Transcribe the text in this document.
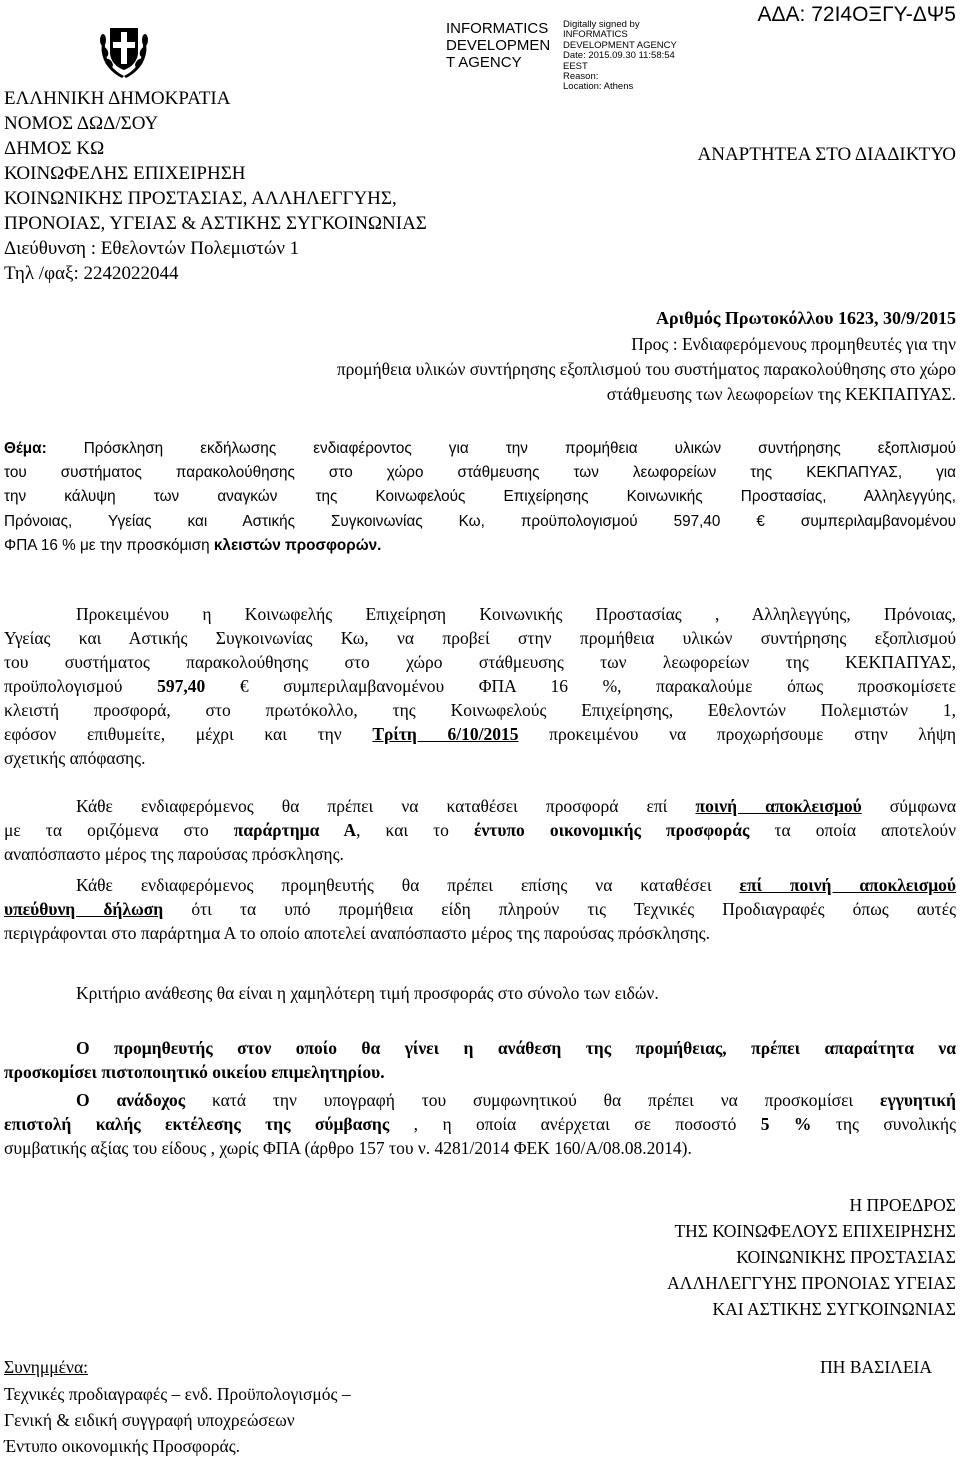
ΕΛΛΗΝΙΚΗ ΔΗΜΟΚΡΑΤΙΑ
ΝΟΜΟΣ ΔΩΔ/ΣΟΥ
ΔΗΜΟΣ ΚΩ
ΚΟΙΝΩΦΕΛΗΣ ΕΠΙΧΕΙΡΗΣΗ
ΚΟΙΝΩΝΙΚΗΣ ΠΡΟΣΤΑΣΙΑΣ, ΑΛΛΗΛΕΓΓΥΗΣ,
ΠΡΟΝΟΙΑΣ, ΥΓΕΙΑΣ & ΑΣΤΙΚΗΣ ΣΥΓΚΟΙΝΩΝΙΑΣ
Διεύθυνση : Εθελοντών Πολεμιστών 1
Τηλ /φαξ: 2242022044
INFORMATICS
DEVELOPMEN
T AGENCY
Digitally signed by
INFORMATICS
DEVELOPMENT AGENCY
Date: 2015.09.30 11:58:54
EEST
Reason:
Location: Athens
ΑΔΑ: 72Ι4ΟΞΓΥ-ΔΨ5
ΑΝΑΡΤΗΤΕΑ ΣΤΟ ΔΙΑΔΙΚΤΥΟ
Αριθμός Πρωτοκόλλου 1623, 30/9/2015
Προς : Ενδιαφερόμενους προμηθευτές για την
προμήθεια υλικών συντήρησης εξοπλισμού του συστήματος παρακολούθησης στο χώρο
στάθμευσης των λεωφορείων της ΚΕΚΠΑΠΥΑΣ.
Θέμα: Πρόσκληση εκδήλωσης ενδιαφέροντος για την προμήθεια υλικών συντήρησης εξοπλισμού
του συστήματος παρακολούθησης στο χώρο στάθμευσης των λεωφορείων της ΚΕΚΠΑΠΥΑΣ, για
την κάλυψη των αναγκών της Κοινωφελούς Επιχείρησης Κοινωνικής Προστασίας, Αλληλεγγύης,
Πρόνοιας, Υγείας και Αστικής Συγκοινωνίας Κω, προϋπολογισμού 597,40 € συμπεριλαμβανομένου
ΦΠΑ 16 % με την προσκόμιση κλειστών προσφορών.
Προκειμένου η Κοινωφελής Επιχείρηση Κοινωνικής Προστασίας , Αλληλεγγύης, Πρόνοιας,
Υγείας και Αστικής Συγκοινωνίας Κω, να προβεί στην προμήθεια υλικών συντήρησης εξοπλισμού
του συστήματος παρακολούθησης στο χώρο στάθμευσης των λεωφορείων της ΚΕΚΠΑΠΥΑΣ,
προϋπολογισμού 597,40 € συμπεριλαμβανομένου ΦΠΑ 16 %, παρακαλούμε όπως προσκομίσετε
κλειστή προσφορά, στο πρωτόκολλο, της Κοινωφελούς Επιχείρησης, Εθελοντών Πολεμιστών 1,
εφόσον επιθυμείτε, μέχρι και την Τρίτη 6/10/2015 προκειμένου να προχωρήσουμε στην λήψη
σχετικής απόφασης.
Κάθε ενδιαφερόμενος θα πρέπει να καταθέσει προσφορά επί ποινή αποκλεισμού σύμφωνα
με τα οριζόμενα στο παράρτημα Α, και το έντυπο οικονομικής προσφοράς τα οποία αποτελούν
αναπόσπαστο μέρος της παρούσας πρόσκλησης.
Κάθε ενδιαφερόμενος προμηθευτής θα πρέπει επίσης να καταθέσει επί ποινή αποκλεισμού
υπεύθυνη δήλωση ότι τα υπό προμήθεια είδη πληρούν τις Τεχνικές Προδιαγραφές όπως αυτές
περιγράφονται στο παράρτημα Α το οποίο αποτελεί αναπόσπαστο μέρος της παρούσας πρόσκλησης.
Κριτήριο ανάθεσης θα είναι η χαμηλότερη τιμή προσφοράς στο σύνολο των ειδών.
Ο προμηθευτής στον οποίο θα γίνει η ανάθεση της προμήθειας, πρέπει απαραίτητα να
προσκομίσει πιστοποιητικό οικείου επιμελητηρίου.
Ο ανάδοχος κατά την υπογραφή του συμφωνητικού θα πρέπει να προσκομίσει εγγυητική
επιστολή καλής εκτέλεσης της σύμβασης , η οποία ανέρχεται σε ποσοστό 5 % της συνολικής
συμβατικής αξίας του είδους , χωρίς ΦΠΑ (άρθρο 157 του ν. 4281/2014 ΦΕΚ 160/Α/08.08.2014).
Η ΠΡΟΕΔΡΟΣ
ΤΗΣ ΚΟΙΝΩΦΕΛΟΥΣ ΕΠΙΧΕΙΡΗΣΗΣ
ΚΟΙΝΩΝΙΚΗΣ ΠΡΟΣΤΑΣΙΑΣ
ΑΛΛΗΛΕΓΓΥΗΣ ΠΡΟΝΟΙΑΣ ΥΓΕΙΑΣ
ΚΑΙ ΑΣΤΙΚΗΣ ΣΥΓΚΟΙΝΩΝΙΑΣ
ΠΗ ΒΑΣΙΛΕΙΑ
Συνημμένα:
Τεχνικές προδιαγραφές – ενδ. Προϋπολογισμός –
Γενική & ειδική συγγραφή υποχρεώσεων
Έντυπο οικονομικής Προσφοράς.
